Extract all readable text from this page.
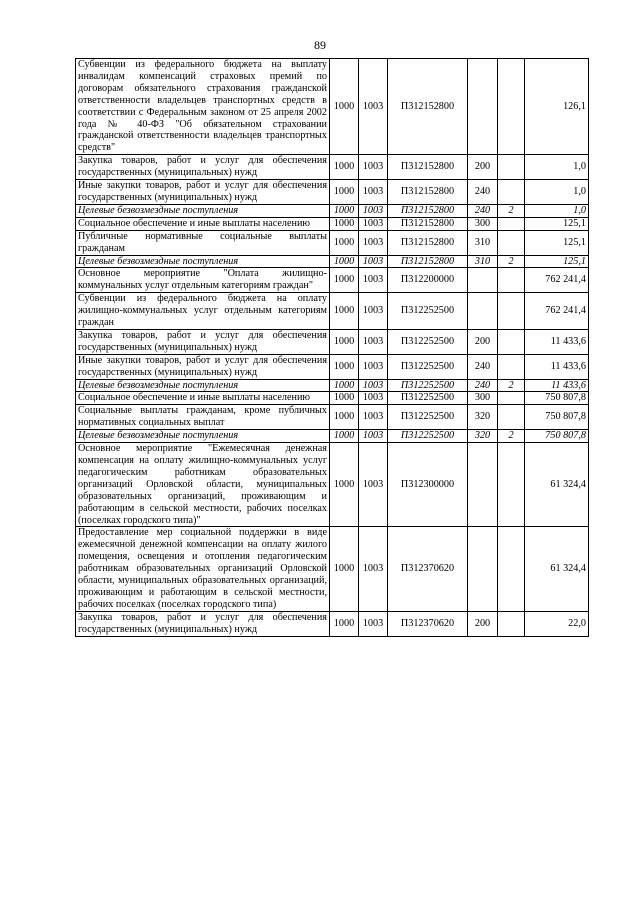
89
Субвенции из федерального бюджета на выплату инвалидам компенсаций страховых премий по договорам обязательного страхования гражданской ответственности владельцев транспортных средств в соответствии с Федеральным законом от 25 апреля 2002 года № 40-ФЗ "Об обязательном страховании гражданской ответственности владельцев транспортных средств"	1000	1003	П312152800			126,1
Закупка товаров, работ и услуг для обеспечения государственных (муниципальных) нужд	1000	1003	П312152800	200		1,0
Иные закупки товаров, работ и услуг для обеспечения государственных (муниципальных) нужд	1000	1003	П312152800	240		1,0
Целевые безвозмездные поступления	1000	1003	П312152800	240	2	1,0
Социальное обеспечение и иные выплаты населению	1000	1003	П312152800	300		125,1
Публичные нормативные социальные выплаты гражданам	1000	1003	П312152800	310		125,1
Целевые безвозмездные поступления	1000	1003	П312152800	310	2	125,1
Основное мероприятие "Оплата жилищно-коммунальных услуг отдельным категориям граждан"	1000	1003	П312200000			762 241,4
Субвенции из федерального бюджета на оплату жилищно-коммунальных услуг отдельным категориям граждан	1000	1003	П312252500			762 241,4
Закупка товаров, работ и услуг для обеспечения государственных (муниципальных) нужд	1000	1003	П312252500	200		11 433,6
Иные закупки товаров, работ и услуг для обеспечения государственных (муниципальных) нужд	1000	1003	П312252500	240		11 433,6
Целевые безвозмездные поступления	1000	1003	П312252500	240	2	11 433,6
Социальное обеспечение и иные выплаты населению	1000	1003	П312252500	300		750 807,8
Социальные выплаты гражданам, кроме публичных нормативных социальных выплат	1000	1003	П312252500	320		750 807,8
Целевые безвозмездные поступления	1000	1003	П312252500	320	2	750 807,8
Основное мероприятие "Ежемесячная денежная компенсация на оплату жилищно-коммунальных услуг педагогическим работникам образовательных организаций Орловской области, муниципальных образовательных организаций, проживающим и работающим в сельской местности, рабочих поселках (поселках городского типа)"	1000	1003	П312300000			61 324,4
Предоставление мер социальной поддержки в виде ежемесячной денежной компенсации на оплату жилого помещения, освещения и отопления педагогическим работникам образовательных организаций Орловской области, муниципальных образовательных организаций, проживающим и работающим в сельской местности, рабочих поселках (поселках городского типа)	1000	1003	П312370620			61 324,4
Закупка товаров, работ и услуг для обеспечения государственных (муниципальных) нужд	1000	1003	П312370620	200		22,0
